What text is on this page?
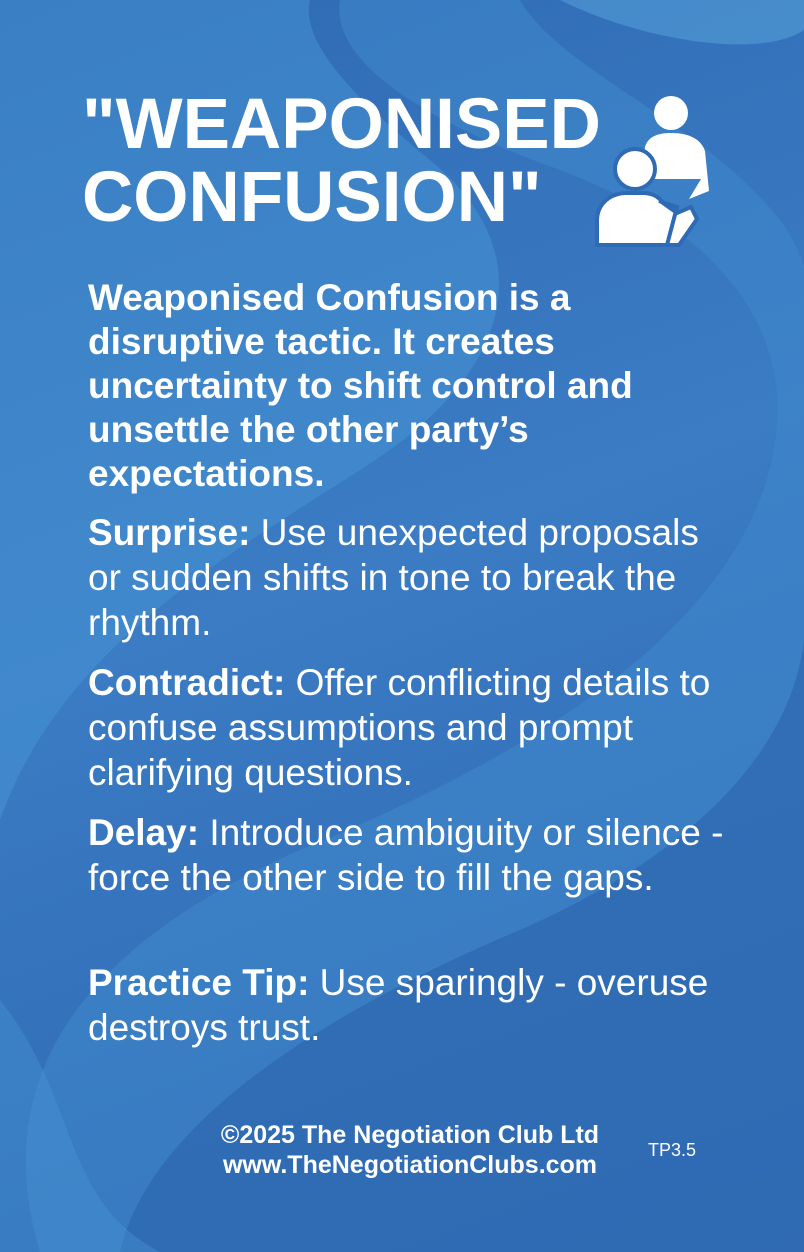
"WEAPONISED
CONFUSION"

Weaponised Confusion is a disruptive tactic. It creates uncertainty to shift control and unsettle the other party’s expectations.

Surprise: Use unexpected proposals or sudden shifts in tone to break the rhythm.

Contradict: Offer conflicting details to confuse assumptions and prompt clarifying questions.

Delay: Introduce ambiguity or silence - force the other side to fill the gaps.

Practice Tip: Use sparingly - overuse destroys trust.

©2025 The Negotiation Club Ltd
www.TheNegotiationClubs.com
TP3.5
